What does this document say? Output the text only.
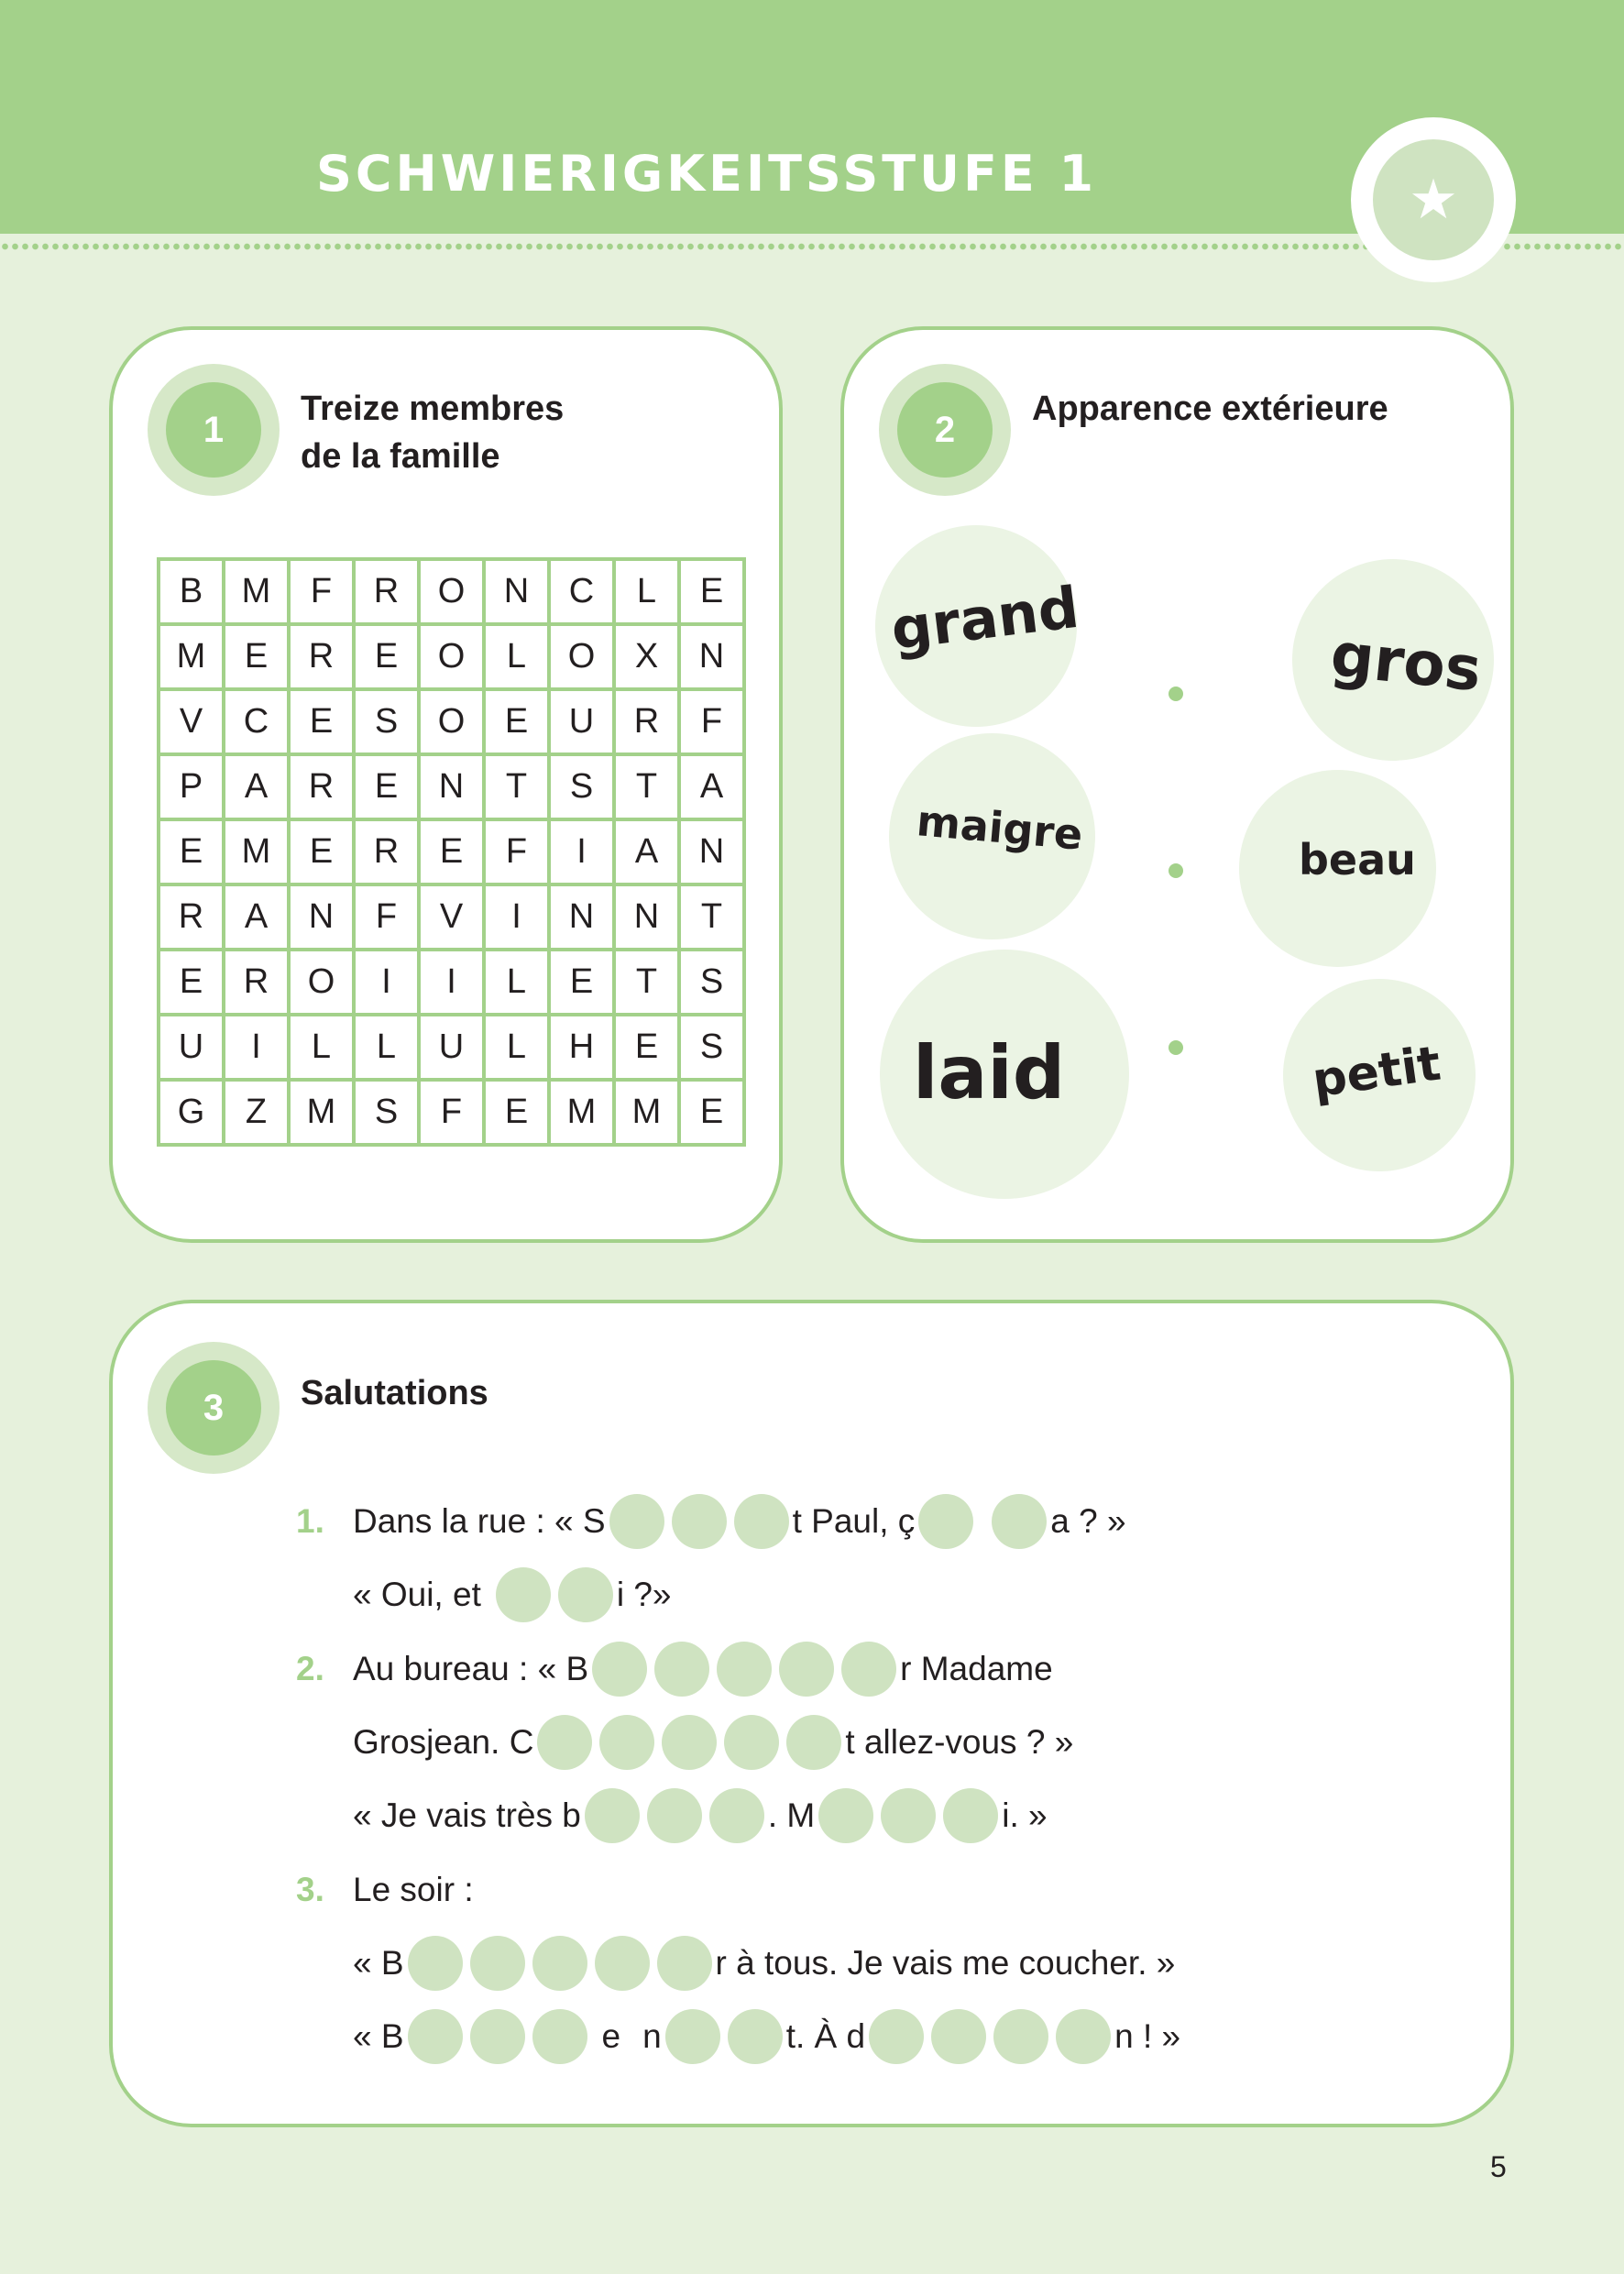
SCHWIERIGKEITSSTUFE 1	★
1
Treize membres
de la famille
B	M	F	R	O	N	C	L	E
M	E	R	E	O	L	O	X	N
V	C	E	S	O	E	U	R	F
P	A	R	E	N	T	S	T	A
E	M	E	R	E	F	I	A	N
R	A	N	F	V	I	N	N	T
E	R	O	I	I	L	E	T	S
U	I	L	L	U	L	H	E	S
G	Z	M	S	F	E	M	M	E
2
Apparence extérieure
grand
maigre
laid
gros
beau
petit
3	Salutations
1. Dans la rue : « S	t Paul, ç	a ? »
« Oui, et	i ?»
2. Au bureau : « B	r Madame
Grosjean. C	t allez-vous ? »
« Je vais très b	. M	i. »
3. Le soir :
« B	r à tous. Je vais me coucher. »
« B	e n	t. À d	n ! »
5
